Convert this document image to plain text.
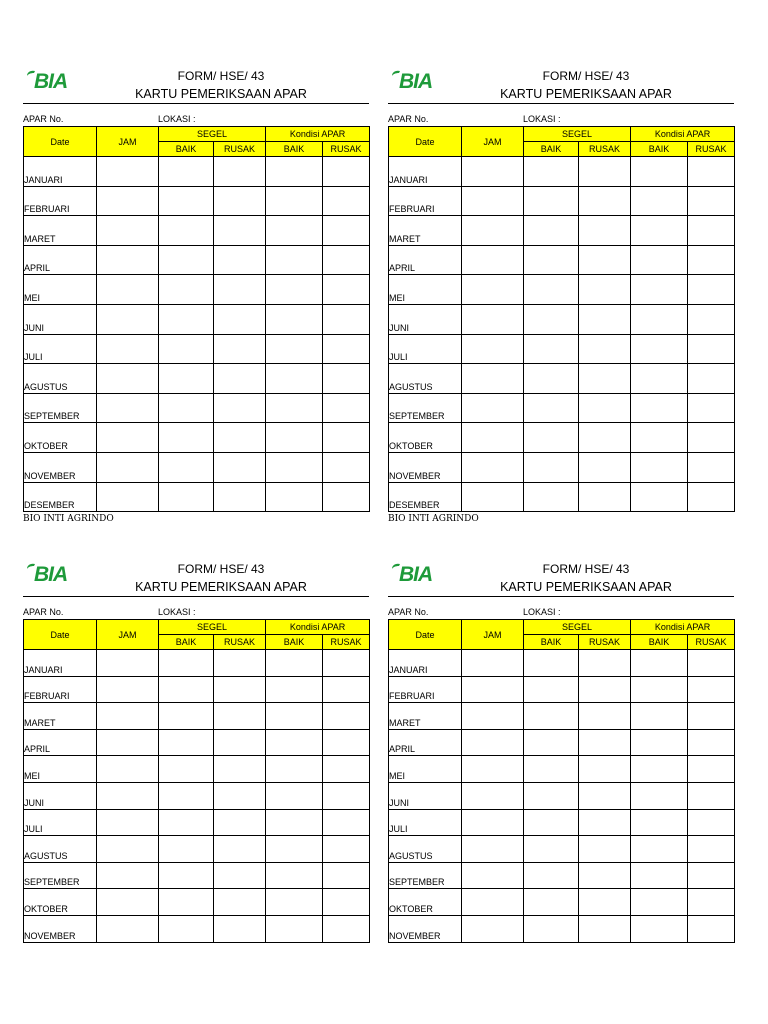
BIA	FORM/ HSE/ 43
KARTU PEMERIKSAAN APAR
APAR No.	LOKASI :
Date	JAM	SEGEL		Kondisi APAR	
		BAIK	RUSAK	BAIK	RUSAK
JANUARI					
FEBRUARI					
MARET					
APRIL					
MEI					
JUNI					
JULI					
AGUSTUS					
SEPTEMBER					
OKTOBER					
NOVEMBER					
DESEMBER					
BIO INTI AGRINDO
BIA	FORM/ HSE/ 43
KARTU PEMERIKSAAN APAR
APAR No.	LOKASI :
Date	JAM	SEGEL		Kondisi APAR	
		BAIK	RUSAK	BAIK	RUSAK
JANUARI					
FEBRUARI					
MARET					
APRIL					
MEI					
JUNI					
JULI					
AGUSTUS					
SEPTEMBER					
OKTOBER					
NOVEMBER					
DESEMBER					
BIO INTI AGRINDO
BIA	FORM/ HSE/ 43
KARTU PEMERIKSAAN APAR
APAR No.	LOKASI :
Date	JAM	SEGEL		Kondisi APAR	
		BAIK	RUSAK	BAIK	RUSAK
JANUARI					
FEBRUARI					
MARET					
APRIL					
MEI					
JUNI					
JULI					
AGUSTUS					
SEPTEMBER					
OKTOBER					
NOVEMBER					
BIA	FORM/ HSE/ 43
KARTU PEMERIKSAAN APAR
APAR No.	LOKASI :
Date	JAM	SEGEL		Kondisi APAR	
		BAIK	RUSAK	BAIK	RUSAK
JANUARI					
FEBRUARI					
MARET					
APRIL					
MEI					
JUNI					
JULI					
AGUSTUS					
SEPTEMBER					
OKTOBER					
NOVEMBER					
